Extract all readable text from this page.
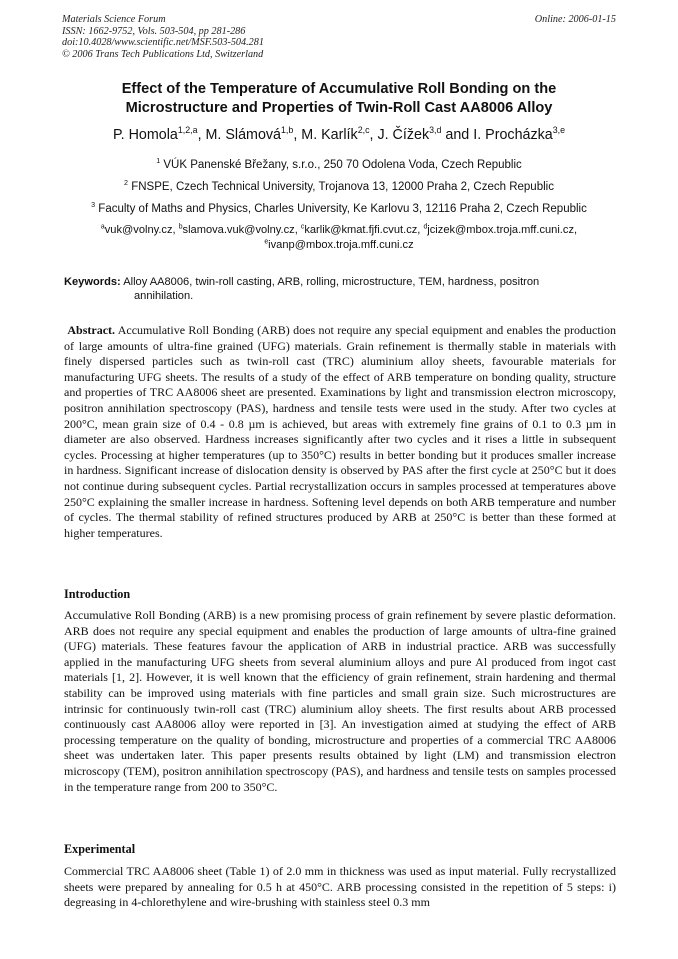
Materials Science Forum
ISSN: 1662-9752, Vols. 503-504, pp 281-286
doi:10.4028/www.scientific.net/MSF.503-504.281
© 2006 Trans Tech Publications Ltd, Switzerland
Online: 2006-01-15
Effect of the Temperature of Accumulative Roll Bonding on the
Microstructure and Properties of Twin-Roll Cast AA8006 Alloy
P. Homola$^{1,2,a}$, M. Slámová$^{1,b}$, M. Karlík$^{2,c}$, J. Čížek$^{3,d}$ and I. Procházka$^{3,e}$
$^1$ VÚK Panenské Břežany, s.r.o., 250 70 Odolena Voda, Czech Republic
$^2$ FNSPE, Czech Technical University, Trojanova 13, 12000 Praha 2, Czech Republic
$^3$ Faculty of Maths and Physics, Charles University, Ke Karlovu 3, 12116 Praha 2, Czech Republic
$^a$vuk@volny.cz, $^b$slamova.vuk@volny.cz, $^c$karlik@kmat.fjfi.cvut.cz, $^d$jcizek@mbox.troja.mff.cuni.cz,
$^e$ivanp@mbox.troja.mff.cuni.cz
Keywords: Alloy AA8006, twin-roll casting, ARB, rolling, microstructure, TEM, hardness, positron
annihilation.
Abstract. Accumulative Roll Bonding (ARB) does not require any special equipment and enables the production of large amounts of ultra-fine grained (UFG) materials. Grain refinement is thermally stable in materials with finely dispersed particles such as twin-roll cast (TRC) aluminium alloy sheets, favourable materials for manufacturing UFG sheets. The results of a study of the effect of ARB temperature on bonding quality, structure and properties of TRC AA8006 sheet are presented. Examinations by light and transmission electron microscopy, positron annihilation spectroscopy (PAS), hardness and tensile tests were used in the study. After two cycles at 200°C, mean grain size of 0.4 - 0.8 µm is achieved, but areas with extremely fine grains of 0.1 to 0.3 µm in diameter are also observed. Hardness increases significantly after two cycles and it rises a little in subsequent cycles. Processing at higher temperatures (up to 350°C) results in better bonding but it produces smaller increase in hardness. Significant increase of dislocation density is observed by PAS after the first cycle at 250°C but it does not continue during subsequent cycles. Partial recrystallization occurs in samples processed at temperatures above 250°C explaining the smaller increase in hardness. Softening level depends on both ARB temperature and number of cycles. The thermal stability of refined structures produced by ARB at 250°C is better than these formed at higher temperatures.
Introduction
Accumulative Roll Bonding (ARB) is a new promising process of grain refinement by severe plastic deformation. ARB does not require any special equipment and enables the production of large amounts of ultra-fine grained (UFG) materials. These features favour the application of ARB in industrial practice. ARB was successfully applied in the manufacturing UFG sheets from several aluminium alloys and pure Al produced from ingot cast materials [1, 2]. However, it is well known that the efficiency of grain refinement, strain hardening and thermal stability can be improved using materials with fine particles and small grain size. Such microstructures are intrinsic for continuously twin-roll cast (TRC) aluminium alloy sheets. The first results about ARB processed continuously cast AA8006 alloy were reported in [3]. An investigation aimed at studying the effect of ARB processing temperature on the quality of bonding, microstructure and properties of a commercial TRC AA8006 sheet was undertaken later. This paper presents results obtained by light (LM) and transmission electron microscopy (TEM), positron annihilation spectroscopy (PAS), and hardness and tensile tests on samples processed in the temperature range from 200 to 350°C.
Experimental
Commercial TRC AA8006 sheet (Table 1) of 2.0 mm in thickness was used as input material. Fully recrystallized sheets were prepared by annealing for 0.5 h at 450°C. ARB processing consisted in the repetition of 5 steps: i) degreasing in 4-chlorethylene and wire-brushing with stainless steel 0.3 mm
